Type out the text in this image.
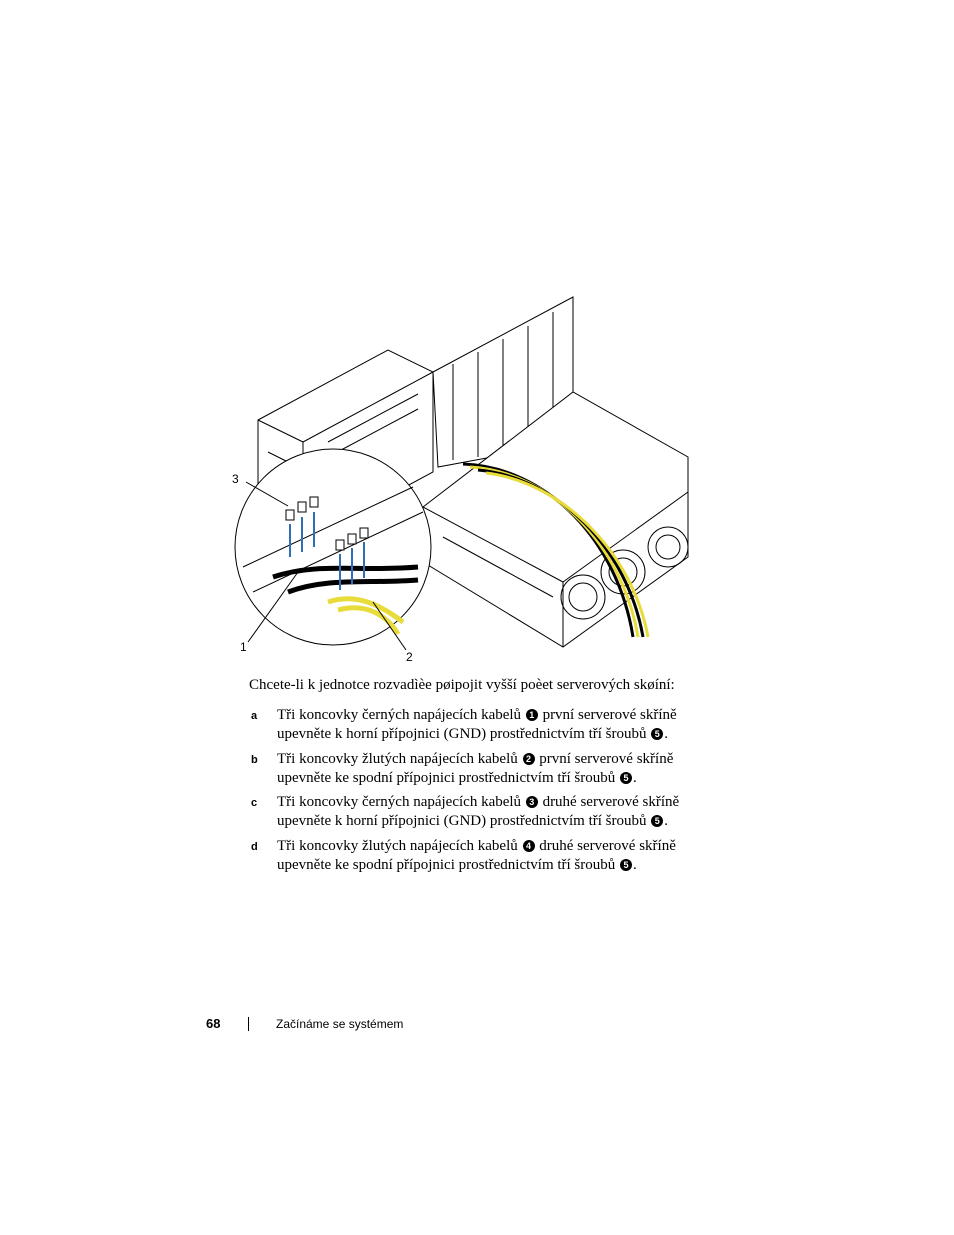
3
1
2
Chcete-li k jednotce rozvadìèe pøipojit vyšší poèet serverových skøíní:
a Tři koncovky černých napájecích kabelů 1 první serverové skříně
upevněte k horní přípojnici (GND) prostřednictvím tří šroubů 5 .
b Tři koncovky žlutých napájecích kabelů 2 první serverové skříně
upevněte ke spodní přípojnici prostřednictvím tří šroubů 5 .
c Tři koncovky černých napájecích kabelů 3 druhé serverové skříně
upevněte k horní přípojnici (GND) prostřednictvím tří šroubů 5 .
d Tři koncovky žlutých napájecích kabelů 4 druhé serverové skříně
upevněte ke spodní přípojnici prostřednictvím tří šroubů 5 .
68	Začínáme se systémem
